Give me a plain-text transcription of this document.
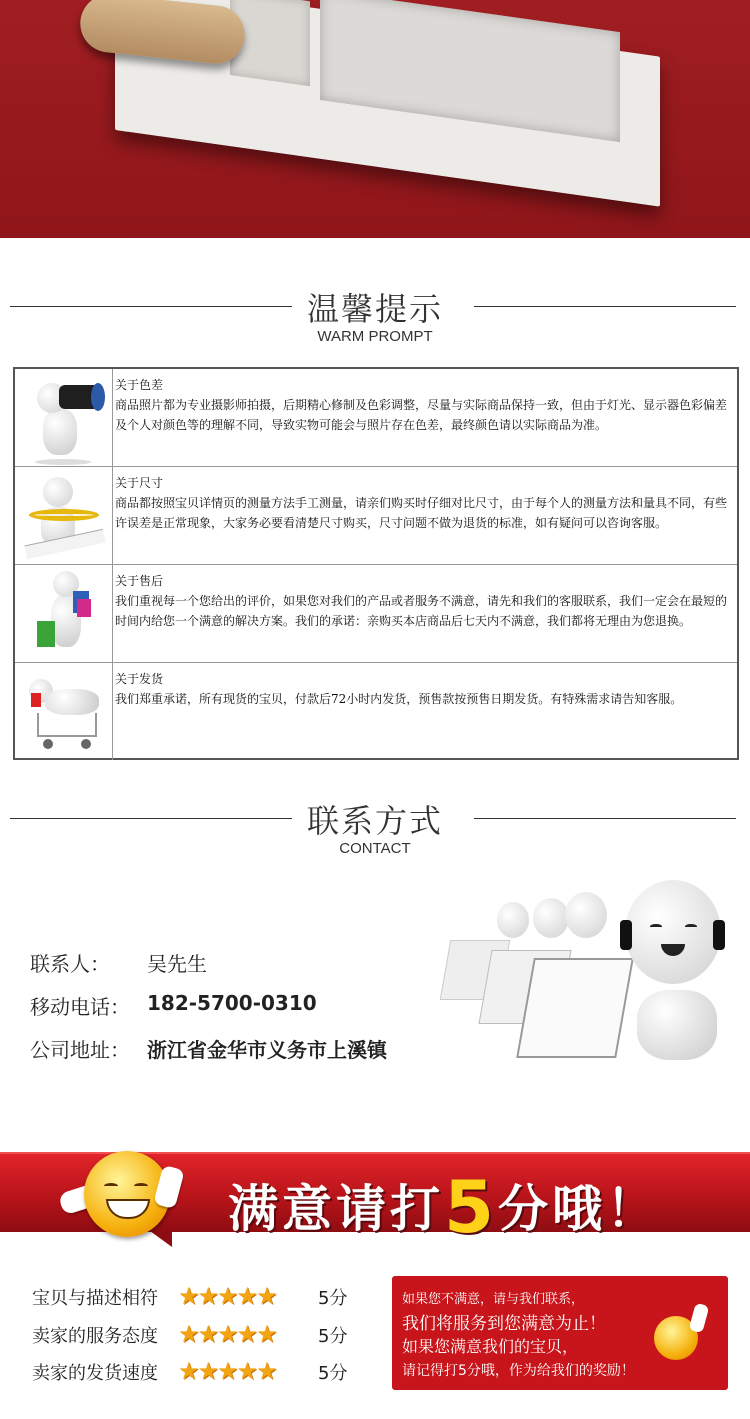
温馨提示
WARM PROMPT
关于色差
商品照片都为专业摄影师拍摄，后期精心修制及色彩调整，尽量与实际商品保持一致，但由于灯光、显示器色彩偏差及个人对颜色等的理解不同，导致实物可能会与照片存在色差，最终颜色请以实际商品为准。
关于尺寸
商品都按照宝贝详情页的测量方法手工测量，请亲们购买时仔细对比尺寸，由于每个人的测量方法和量具不同，有些许误差是正常现象，大家务必要看清楚尺寸购买，尺寸问题不做为退货的标准，如有疑问可以咨询客服。
关于售后
我们重视每一个您给出的评价，如果您对我们的产品或者服务不满意，请先和我们的客服联系，我们一定会在最短的时间内给您一个满意的解决方案。我们的承诺：亲购买本店商品后七天内不满意，我们都将无理由为您退换。
关于发货
我们郑重承诺，所有现货的宝贝，付款后72小时内发货，预售款按预售日期发货。有特殊需求请告知客服。
联系方式
CONTACT
联系人： 吴先生
移动电话： 182-5700-0310
公司地址： 浙江省金华市义务市上溪镇
满意请打5分哦！
宝贝与描述相符 ★★★★★ 5分
卖家的服务态度 ★★★★★ 5分
卖家的发货速度 ★★★★★ 5分
如果您不满意，请与我们联系，
我们将服务到您满意为止！
如果您满意我们的宝贝，
请记得打5分哦，作为给我们的奖励！
